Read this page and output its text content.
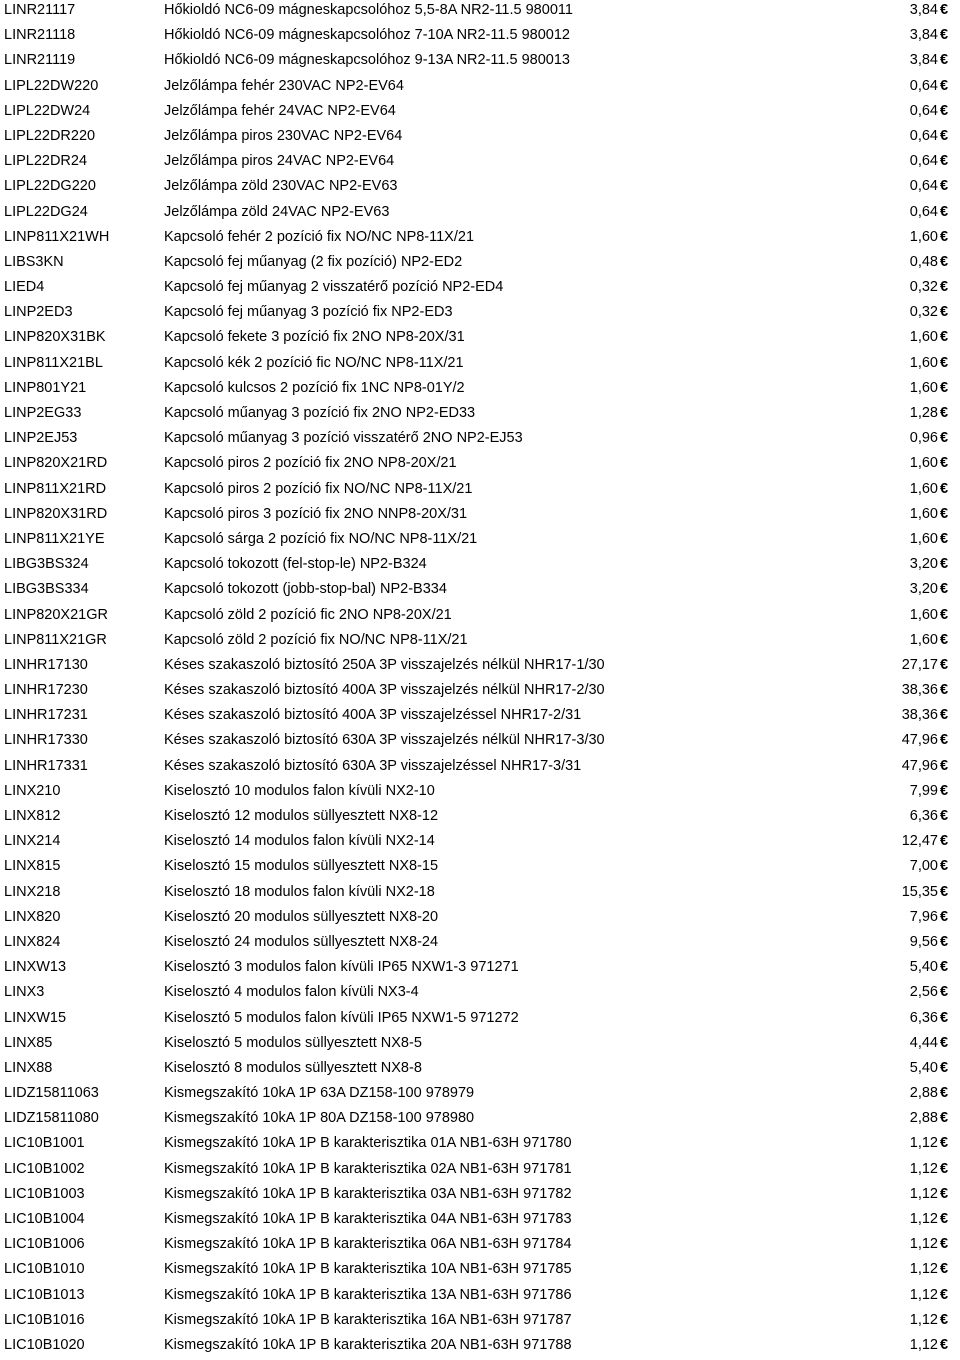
LINR21117	Hőkioldó NC6-09 mágneskapcsolóhoz 5,5-8A NR2-11.5 980011	3,84 €
LINR21118	Hőkioldó NC6-09 mágneskapcsolóhoz 7-10A NR2-11.5 980012	3,84 €
LINR21119	Hőkioldó NC6-09 mágneskapcsolóhoz 9-13A NR2-11.5 980013	3,84 €
LIPL22DW220	Jelzőlámpa fehér 230VAC NP2-EV64	0,64 €
LIPL22DW24	Jelzőlámpa fehér 24VAC NP2-EV64	0,64 €
LIPL22DR220	Jelzőlámpa piros 230VAC NP2-EV64	0,64 €
LIPL22DR24	Jelzőlámpa piros 24VAC NP2-EV64	0,64 €
LIPL22DG220	Jelzőlámpa zöld 230VAC NP2-EV63	0,64 €
LIPL22DG24	Jelzőlámpa zöld 24VAC NP2-EV63	0,64 €
LINP811X21WH	Kapcsoló fehér 2 pozíció fix NO/NC NP8-11X/21	1,60 €
LIBS3KN	Kapcsoló fej műanyag (2 fix pozíció) NP2-ED2	0,48 €
LIED4	Kapcsoló fej műanyag 2 visszatérő pozíció NP2-ED4	0,32 €
LINP2ED3	Kapcsoló fej műanyag 3 pozíció fix NP2-ED3	0,32 €
LINP820X31BK	Kapcsoló fekete 3 pozíció fix 2NO NP8-20X/31	1,60 €
LINP811X21BL	Kapcsoló kék 2 pozíció fic NO/NC NP8-11X/21	1,60 €
LINP801Y21	Kapcsoló kulcsos 2 pozíció fix 1NC NP8-01Y/2	1,60 €
LINP2EG33	Kapcsoló műanyag 3 pozíció fix 2NO NP2-ED33	1,28 €
LINP2EJ53	Kapcsoló műanyag 3 pozíció visszatérő 2NO NP2-EJ53	0,96 €
LINP820X21RD	Kapcsoló piros 2 pozíció fix 2NO NP8-20X/21	1,60 €
LINP811X21RD	Kapcsoló piros 2 pozíció fix NO/NC NP8-11X/21	1,60 €
LINP820X31RD	Kapcsoló piros 3 pozíció fix 2NO NNP8-20X/31	1,60 €
LINP811X21YE	Kapcsoló sárga 2 pozíció fix NO/NC NP8-11X/21	1,60 €
LIBG3BS324	Kapcsoló tokozott (fel-stop-le) NP2-B324	3,20 €
LIBG3BS334	Kapcsoló tokozott (jobb-stop-bal) NP2-B334	3,20 €
LINP820X21GR	Kapcsoló zöld 2 pozíció fic 2NO NP8-20X/21	1,60 €
LINP811X21GR	Kapcsoló zöld 2 pozíció fix NO/NC NP8-11X/21	1,60 €
LINHR17130	Késes szakaszoló biztosító 250A 3P visszajelzés nélkül NHR17-1/30	27,17 €
LINHR17230	Késes szakaszoló biztosító 400A 3P visszajelzés nélkül NHR17-2/30	38,36 €
LINHR17231	Késes szakaszoló biztosító 400A 3P visszajelzéssel NHR17-2/31	38,36 €
LINHR17330	Késes szakaszoló biztosító 630A 3P visszajelzés nélkül NHR17-3/30	47,96 €
LINHR17331	Késes szakaszoló biztosító 630A 3P visszajelzéssel NHR17-3/31	47,96 €
LINX210	Kiselosztó 10 modulos falon kívüli NX2-10	7,99 €
LINX812	Kiselosztó 12 modulos süllyesztett NX8-12	6,36 €
LINX214	Kiselosztó 14 modulos falon kívüli NX2-14	12,47 €
LINX815	Kiselosztó 15 modulos süllyesztett NX8-15	7,00 €
LINX218	Kiselosztó 18 modulos falon kívüli NX2-18	15,35 €
LINX820	Kiselosztó 20 modulos süllyesztett NX8-20	7,96 €
LINX824	Kiselosztó 24 modulos süllyesztett NX8-24	9,56 €
LINXW13	Kiselosztó 3 modulos falon kívüli IP65 NXW1-3 971271	5,40 €
LINX3	Kiselosztó 4 modulos falon kívüli NX3-4	2,56 €
LINXW15	Kiselosztó 5 modulos falon kívüli IP65 NXW1-5 971272	6,36 €
LINX85	Kiselosztó 5 modulos süllyesztett NX8-5	4,44 €
LINX88	Kiselosztó 8 modulos süllyesztett NX8-8	5,40 €
LIDZ15811063	Kismegszakító 10kA 1P 63A DZ158-100 978979	2,88 €
LIDZ15811080	Kismegszakító 10kA 1P 80A DZ158-100 978980	2,88 €
LIC10B1001	Kismegszakító 10kA 1P B karakterisztika 01A NB1-63H 971780	1,12 €
LIC10B1002	Kismegszakító 10kA 1P B karakterisztika 02A NB1-63H 971781	1,12 €
LIC10B1003	Kismegszakító 10kA 1P B karakterisztika 03A NB1-63H 971782	1,12 €
LIC10B1004	Kismegszakító 10kA 1P B karakterisztika 04A NB1-63H 971783	1,12 €
LIC10B1006	Kismegszakító 10kA 1P B karakterisztika 06A NB1-63H 971784	1,12 €
LIC10B1010	Kismegszakító 10kA 1P B karakterisztika 10A NB1-63H 971785	1,12 €
LIC10B1013	Kismegszakító 10kA 1P B karakterisztika 13A NB1-63H 971786	1,12 €
LIC10B1016	Kismegszakító 10kA 1P B karakterisztika 16A NB1-63H 971787	1,12 €
LIC10B1020	Kismegszakító 10kA 1P B karakterisztika 20A NB1-63H 971788	1,12 €
